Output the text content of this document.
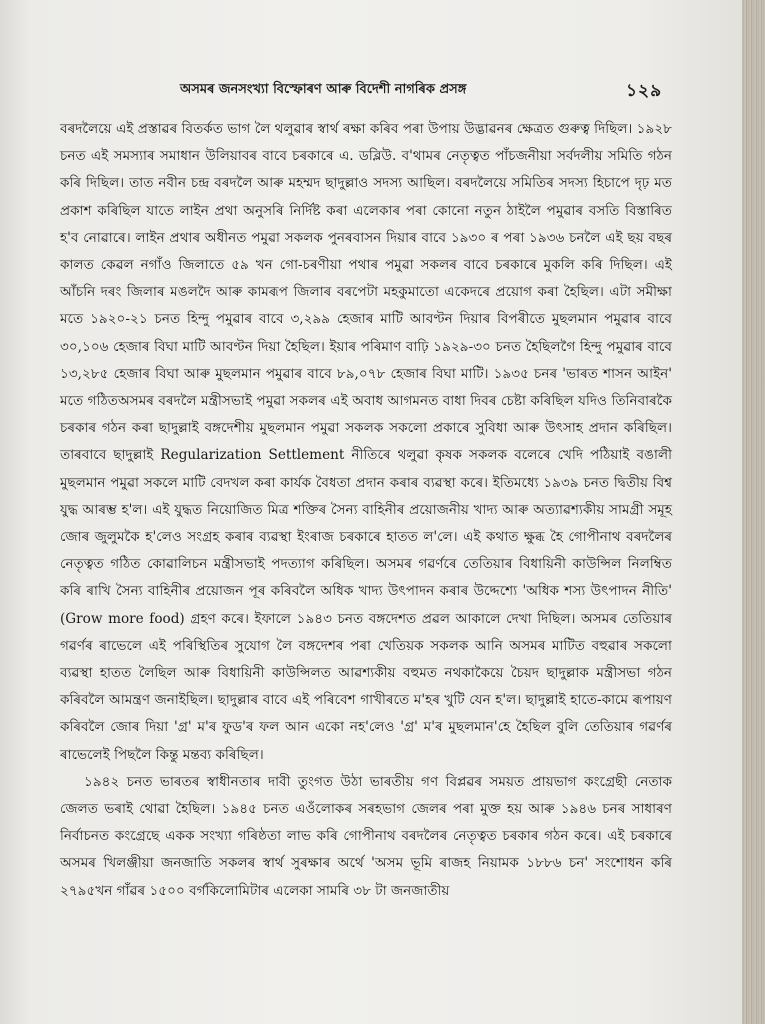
অসমৰ জনসংখ্যা বিস্ফোৰণ আৰু বিদেশী নাগৰিক প্ৰসঙ্গ	১২৯

বৰদলৈয়ে এই প্ৰস্তাৱৰ বিতৰ্কত ভাগ লৈ থলুৱাৰ স্বাৰ্থ ৰক্ষা কৰিব পৰা উপায় উদ্ভাৱনৰ ক্ষেত্ৰত গুৰুত্ব দিছিল। ১৯২৮ চনত এই সমস্যাৰ সমাধান উলিয়াবৰ বাবে চৰকাৰে এ. ডব্লিউ. ব'থামৰ নেতৃত্বত পাঁচজনীয়া সৰ্বদলীয় সমিতি গঠন কৰি দিছিল। তাত নবীন চন্দ্ৰ বৰদলৈ আৰু মহম্মদ ছাদুল্লাও সদস্য আছিল। বৰদলৈয়ে সমিতিৰ সদস্য হিচাপে দৃঢ় মত প্ৰকাশ কৰিছিল যাতে লাইন প্ৰথা অনুসৰি নিৰ্দিষ্ট কৰা এলেকাৰ পৰা কোনো নতুন ঠাইলৈ পমুৱাৰ বসতি বিস্তাৰিত হ'ব নোৱাৰে। লাইন প্ৰথাৰ অধীনত পমুৱা সকলক পুনৰবাসন দিয়াৰ বাবে ১৯৩০ ৰ পৰা ১৯৩৬ চনলৈ এই ছয় বছৰ কালত কেৱল নগাঁও জিলাতে ৫৯ খন গো-চৰণীয়া পথাৰ পমুৱা সকলৰ বাবে চৰকাৰে মুকলি কৰি দিছিল। এই আঁচনি দৰং জিলাৰ মঙলদৈ আৰু কামৰূপ জিলাৰ বৰপেটা মহকুমাতো একেদৰে প্ৰয়োগ কৰা হৈছিল। এটা সমীক্ষা মতে ১৯২০-২১ চনত হিন্দু পমুৱাৰ বাবে ৩,২৯৯ হেজাৰ মাটি আবণ্টন দিয়াৰ বিপৰীতে মুছলমান পমুৱাৰ বাবে ৩০,১০৬ হেজাৰ বিঘা মাটি আবণ্টন দিয়া হৈছিল। ইয়াৰ পৰিমাণ বাঢ়ি ১৯২৯-৩০ চনত হৈছিলগৈ হিন্দু পমুৱাৰ বাবে ১৩,২৮৫ হেজাৰ বিঘা আৰু মুছলমান পমুৱাৰ বাবে ৮৯,০৭৮ হেজাৰ বিঘা মাটি। ১৯৩৫ চনৰ 'ভাৰত শাসন আইন' মতে গঠিতঅসমৰ বৰদলৈ মন্ত্ৰীসভাই পমুৱা সকলৰ এই অবাধ আগমনত বাধা দিবৰ চেষ্টা কৰিছিল যদিও তিনিবাৰকৈ চৰকাৰ গঠন কৰা ছাদুল্লাই বঙ্গদেশীয় মুছলমান পমুৱা সকলক সকলো প্ৰকাৰে সুবিধা আৰু উৎসাহ প্ৰদান কৰিছিল। তাৰবাবে ছাদুল্লাই Regularization Settlement নীতিৰে থলুৱা কৃষক সকলক বলেৰে খেদি পঠিয়াই বঙালী মুছলমান পমুৱা সকলে মাটি বেদখল কৰা কাৰ্যক বৈধতা প্ৰদান কৰাৰ ব্যৱস্থা কৰে। ইতিমধ্যে ১৯৩৯ চনত দ্বিতীয় বিশ্ব যুদ্ধ আৰম্ভ হ'ল। এই যুদ্ধত নিয়োজিত মিত্ৰ শক্তিৰ সৈন্য বাহিনীৰ প্ৰয়োজনীয় খাদ্য আৰু অত্যাৱশ্যকীয় সামগ্ৰী সমূহ জোৰ জুলুমকৈ হ'লেও সংগ্ৰহ কৰাৰ ব্যৱস্থা ইংৰাজ চৰকাৰে হাতত ল'লে। এই কথাত ক্ষুব্ধ হৈ গোপীনাথ বৰদলৈৰ নেতৃত্বত গঠিত কোৱালিচন মন্ত্ৰীসভাই পদত্যাগ কৰিছিল। অসমৰ গৱৰ্ণৰে তেতিয়াৰ বিধায়িনী কাউন্সিল নিলম্বিত কৰি ৰাখি সৈন্য বাহিনীৰ প্ৰয়োজন পূৰ কৰিবলৈ অধিক খাদ্য উৎপাদন কৰাৰ উদ্দেশ্যে 'অধিক শস্য উৎপাদন নীতি' (Grow more food) গ্ৰহণ কৰে। ইফালে ১৯৪৩ চনত বঙ্গদেশত প্ৰৱল আকালে দেখা দিছিল। অসমৰ তেতিয়াৰ গৱৰ্ণৰ ৰাভেলে এই পৰিস্থিতিৰ সুযোগ লৈ বঙ্গদেশৰ পৰা খেতিয়ক সকলক আনি অসমৰ মাটিত বহুৱাৰ সকলো ব্যৱস্থা হাতত লৈছিল আৰু বিধায়িনী কাউন্সিলত আৱশ্যকীয় বহুমত নথকাকৈয়ে চৈয়দ ছাদুল্লাক মন্ত্ৰীসভা গঠন কৰিবলৈ আমন্ত্ৰণ জনাইছিল। ছাদুল্লাৰ বাবে এই পৰিবেশ গাখীৰতে ম'হৰ খুটি যেন হ'ল। ছাদুল্লাই হাতে-কামে ৰূপায়ণ কৰিবলৈ জোৰ দিয়া 'গ্ৰ' ম'ৰ ফুড'ৰ ফল আন একো নহ'লেও 'গ্ৰ' ম'ৰ মুছলমান'হে হৈছিল বুলি তেতিয়াৰ গৱৰ্ণৰ ৰাভেলেই পিছলৈ কিন্তু মন্তব্য কৰিছিল।

১৯৪২ চনত ভাৰতৰ স্বাধীনতাৰ দাবী তুংগত উঠা ভাৰতীয় গণ বিপ্লৱৰ সময়ত প্ৰায়ভাগ কংগ্ৰেছী নেতাক জেলত ভৰাই থোৱা হৈছিল। ১৯৪৫ চনত এওঁলোকৰ সৰহভাগ জেলৰ পৰা মুক্ত হয় আৰু ১৯৪৬ চনৰ সাধাৰণ নিৰ্বাচনত কংগ্ৰেছে একক সংখ্যা গৰিষ্ঠতা লাভ কৰি গোপীনাথ বৰদলৈৰ নেতৃত্বত চৰকাৰ গঠন কৰে। এই চৰকাৰে অসমৰ খিলঞ্জীয়া জনজাতি সকলৰ স্বাৰ্থ সুৰক্ষাৰ অৰ্থে 'অসম ভূমি ৰাজহ নিয়ামক ১৮৮৬ চন' সংশোধন কৰি ২৭৯৫খন গাঁৱৰ ১৫০০ বৰ্গকিলোমিটাৰ এলেকা সামৰি ৩৮ টা জনজাতীয়
